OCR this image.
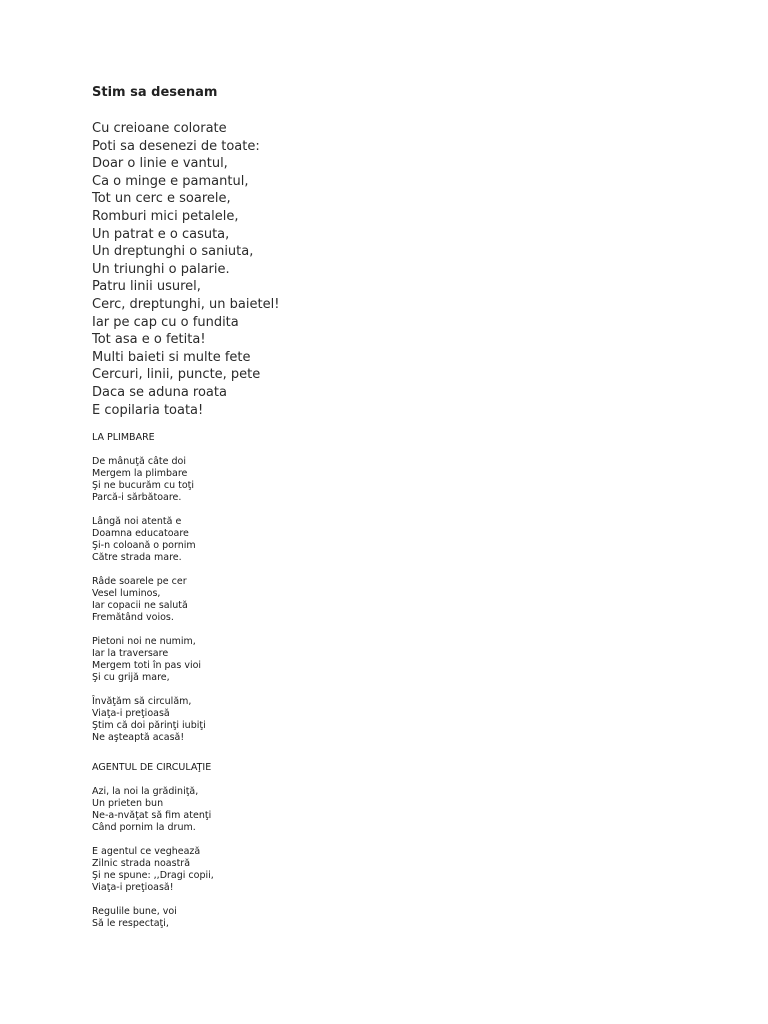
Stim sa desenam
Cu creioane colorate
Poti sa desenezi de toate:
Doar o linie e vantul,
Ca o minge e pamantul,
Tot un cerc e soarele,
Romburi mici petalele,
Un patrat e o casuta,
Un dreptunghi o saniuta,
Un triunghi o palarie.
Patru linii usurel,
Cerc, dreptunghi, un baietel!
Iar pe cap cu o fundita
Tot asa e o fetita!
Multi baieti si multe fete
Cercuri, linii, puncte, pete
Daca se aduna roata
E copilaria toata!
LA PLIMBARE
De mânuţă câte doi
Mergem la plimbare
Şi ne bucurăm cu toţi
Parcă-i sărbătoare.
Lângă noi atentă e
Doamna educatoare
Şi-n coloană o pornim
Către strada mare.
Râde soarele pe cer
Vesel luminos,
Iar copacii ne salută
Fremătând voios.
Pietoni noi ne numim,
Iar la traversare
Mergem toti în pas vioi
Şi cu grijă mare,
Învăţăm să circulăm,
Viaţa-i preţioasă
Ştim că doi părinţi iubiţi
Ne aşteaptă acasă!
AGENTUL DE CIRCULAŢIE
Azi, la noi la grădiniţă,
Un prieten bun
Ne-a-nvăţat să fim atenţi
Când pornim la drum.
E agentul ce veghează
Zilnic strada noastră
Şi ne spune: ,,Dragi copii,
Viaţa-i preţioasă!
Regulile bune, voi
Să le respectaţi,
